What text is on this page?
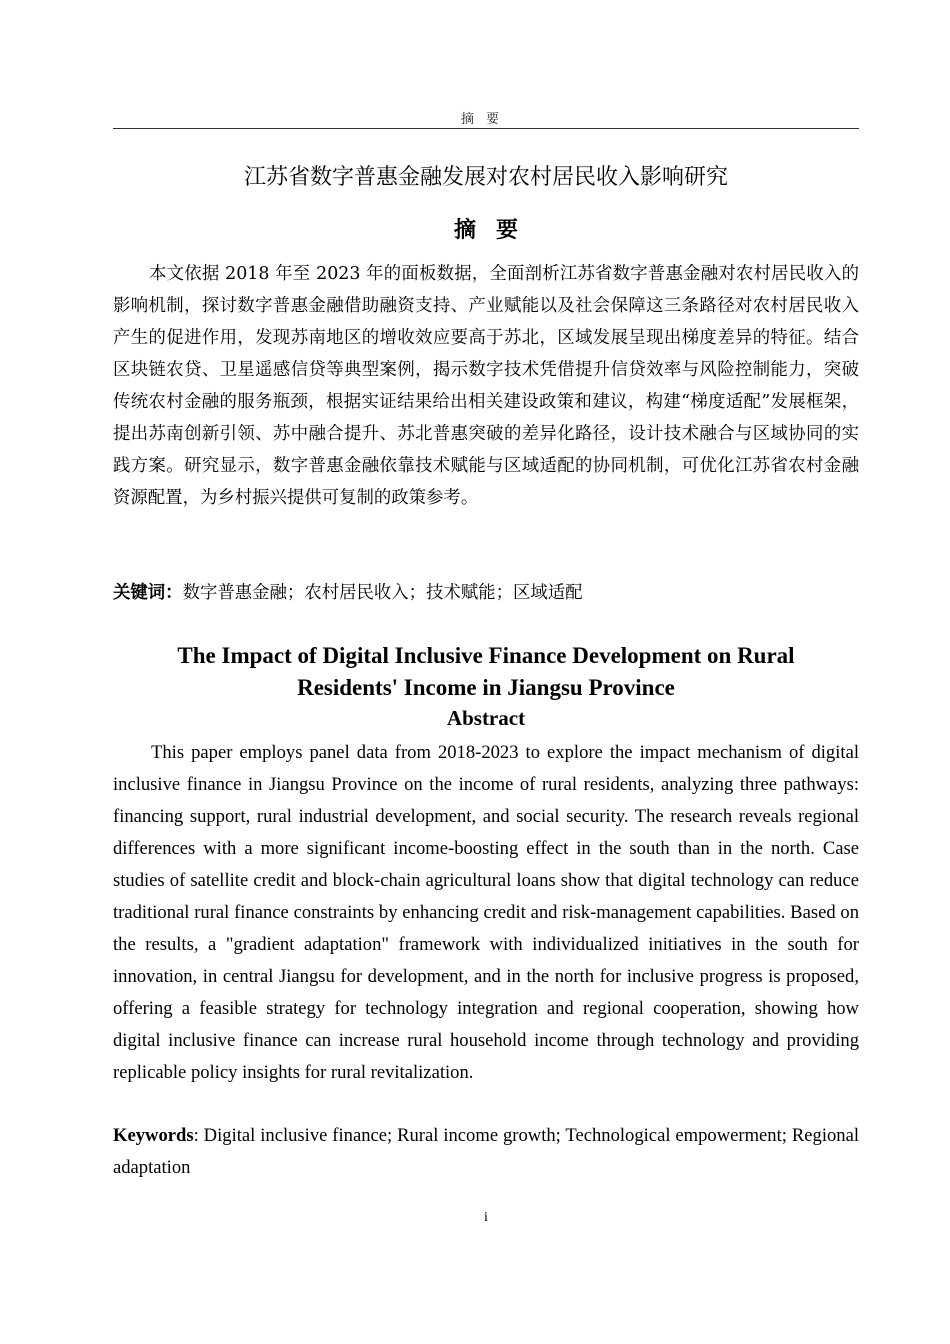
摘要
江苏省数字普惠金融发展对农村居民收入影响研究
摘要
本文依据 2018 年至 2023 年的面板数据，全面剖析江苏省数字普惠金融对农村居民收入的影响机制，探讨数字普惠金融借助融资支持、产业赋能以及社会保障这三条路径对农村居民收入产生的促进作用，发现苏南地区的增收效应要高于苏北，区域发展呈现出梯度差异的特征。结合区块链农贷、卫星遥感信贷等典型案例，揭示数字技术凭借提升信贷效率与风险控制能力，突破传统农村金融的服务瓶颈，根据实证结果给出相关建设政策和建议，构建“梯度适配”发展框架，提出苏南创新引领、苏中融合提升、苏北普惠突破的差异化路径，设计技术融合与区域协同的实践方案。研究显示，数字普惠金融依靠技术赋能与区域适配的协同机制，可优化江苏省农村金融资源配置，为乡村振兴提供可复制的政策参考。
关键词：数字普惠金融；农村居民收入；技术赋能；区域适配
The Impact of Digital Inclusive Finance Development on Rural
Residents' Income in Jiangsu Province
Abstract
This paper employs panel data from 2018-2023 to explore the impact mechanism of digital inclusive finance in Jiangsu Province on the income of rural residents, analyzing three pathways: financing support, rural industrial development, and social security. The research reveals regional differences with a more significant income-boosting effect in the south than in the north. Case studies of satellite credit and block-chain agricultural loans show that digital technology can reduce traditional rural finance constraints by enhancing credit and risk-management capabilities. Based on the results, a "gradient adaptation" framework with individualized initiatives in the south for innovation, in central Jiangsu for development, and in the north for inclusive progress is proposed, offering a feasible strategy for technology integration and regional cooperation, showing how digital inclusive finance can increase rural household income through technology and providing replicable policy insights for rural revitalization.
Keywords: Digital inclusive finance; Rural income growth; Technological empowerment; Regional adaptation
i
